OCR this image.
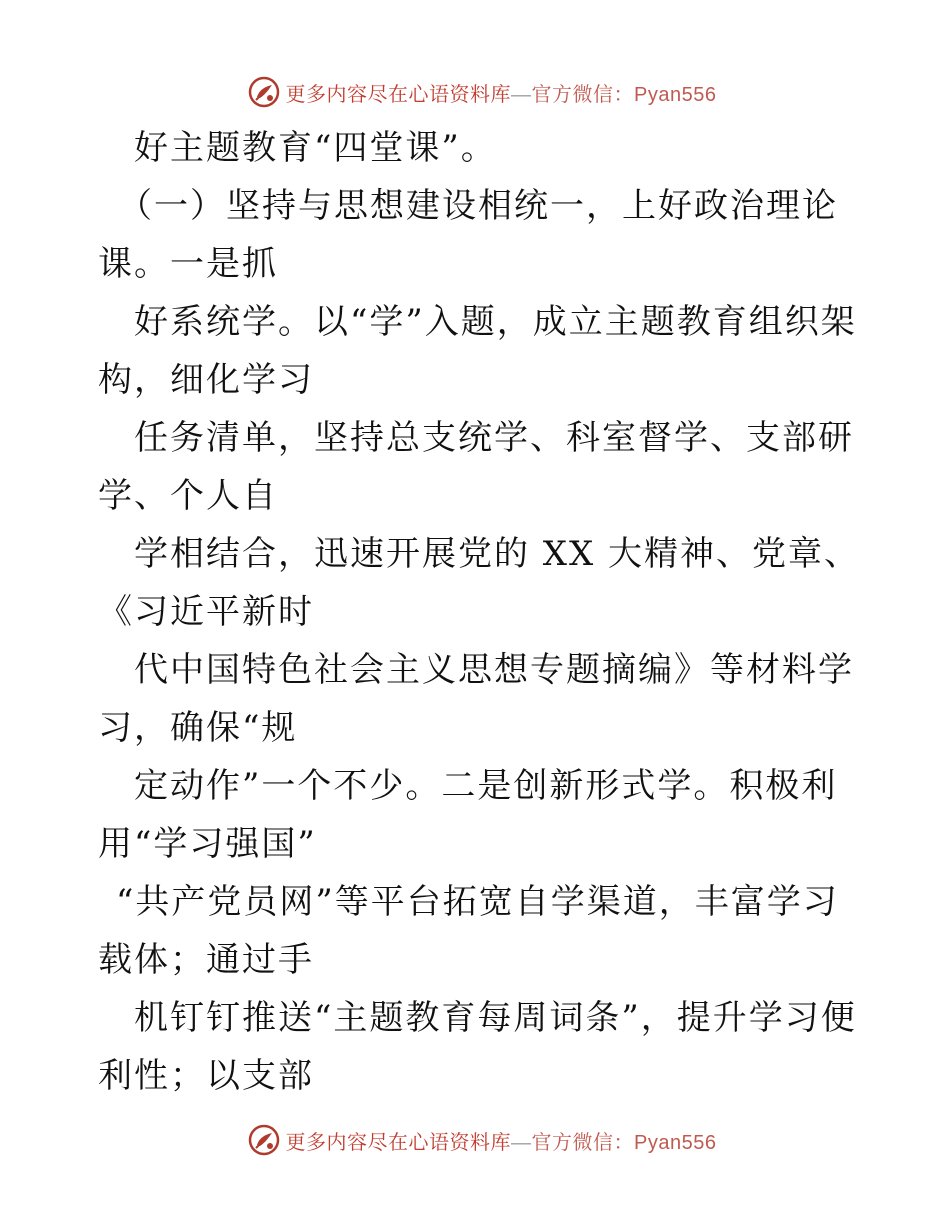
更多内容尽在心语资料库—官方微信：Pyan556
好主题教育“四堂课”。
（一）坚持与思想建设相统一，上好政治理论
课。一是抓
好系统学。以“学”入题，成立主题教育组织架
构，细化学习
任务清单，坚持总支统学、科室督学、支部研
学、个人自
学相结合，迅速开展党的 XX 大精神、党章、
《习近平新时
代中国特色社会主义思想专题摘编》等材料学
习，确保“规
定动作”一个不少。二是创新形式学。积极利
用“学习强国”
“共产党员网”等平台拓宽自学渠道，丰富学习
载体；通过手
机钉钉推送“主题教育每周词条”，提升学习便
利性；以支部
更多内容尽在心语资料库—官方微信：Pyan556
